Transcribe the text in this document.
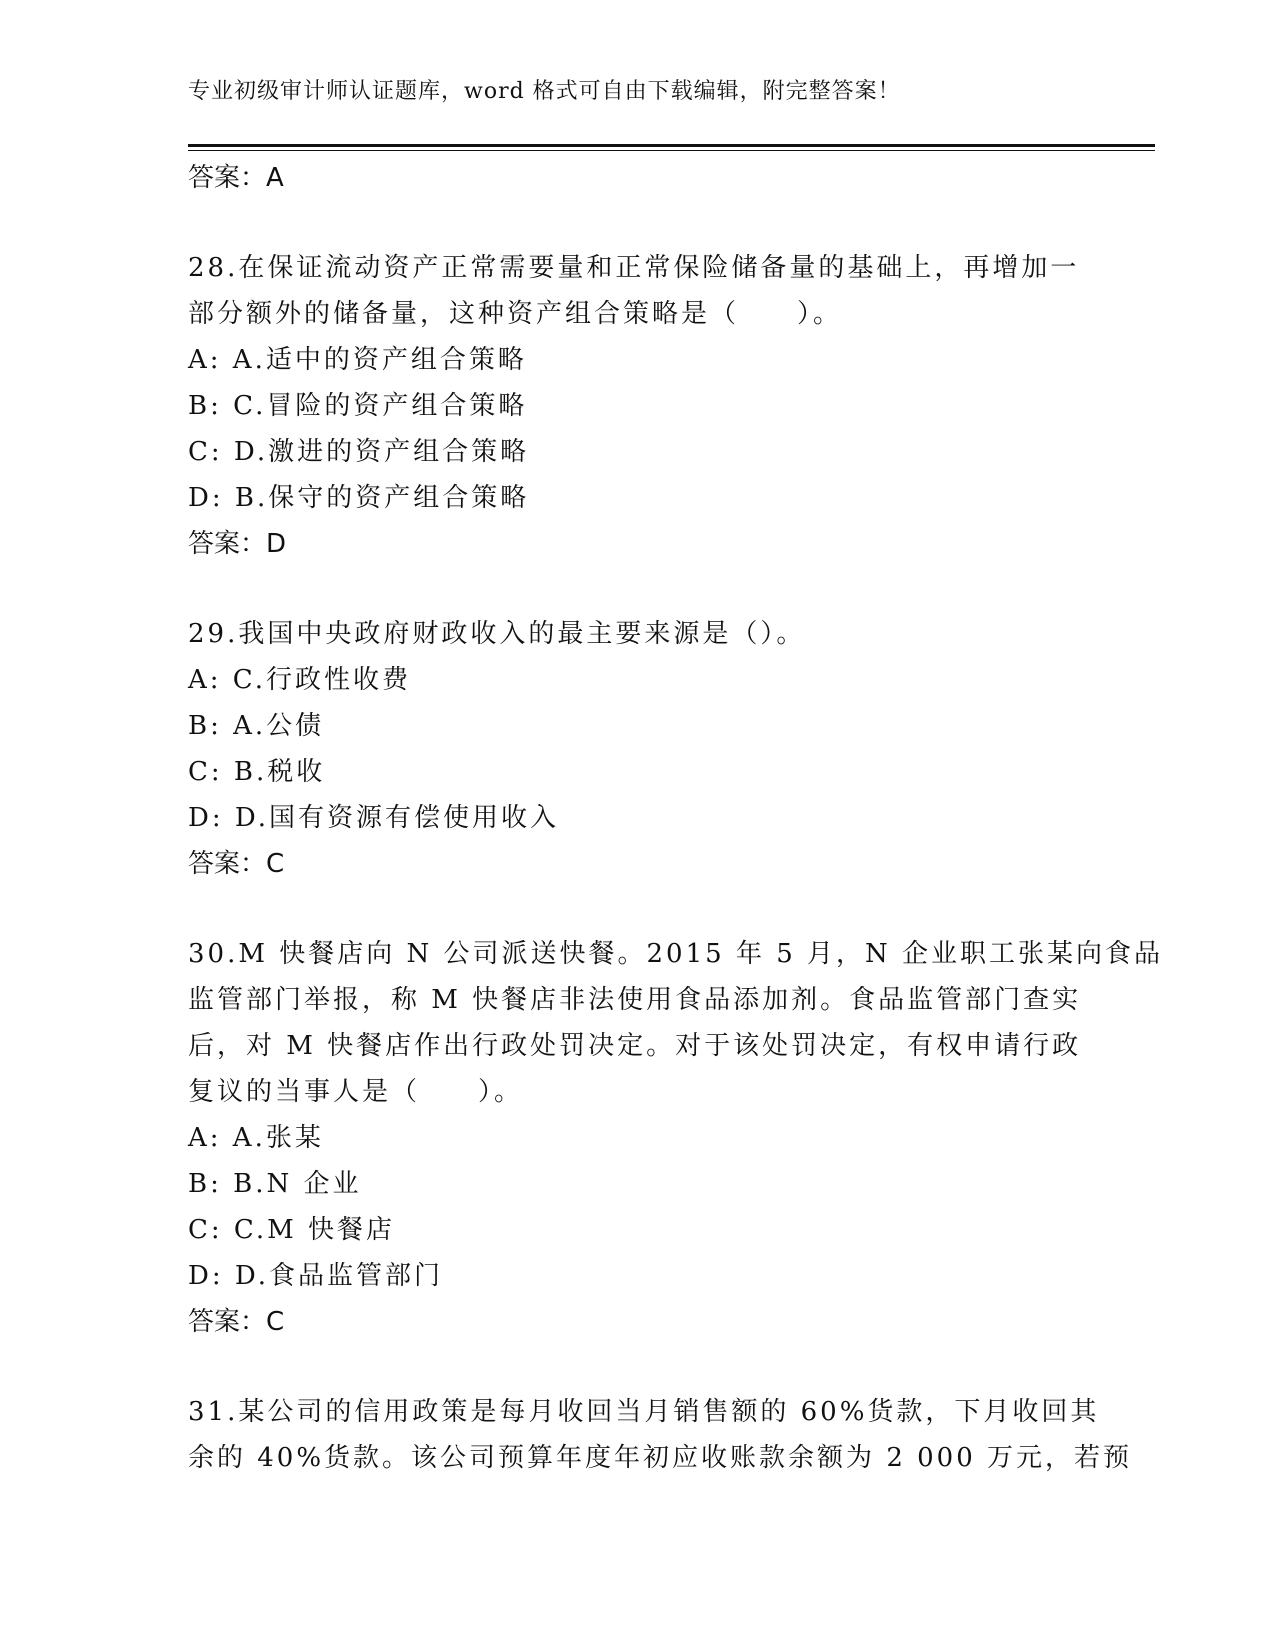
专业初级审计师认证题库，word 格式可自由下载编辑，附完整答案！
答案：A
28.在保证流动资产正常需要量和正常保险储备量的基础上，再增加一
部分额外的储备量，这种资产组合策略是（　　）。
A: A.适中的资产组合策略
B: C.冒险的资产组合策略
C: D.激进的资产组合策略
D: B.保守的资产组合策略
答案：D
29.我国中央政府财政收入的最主要来源是（）。
A: C.行政性收费
B: A.公债
C: B.税收
D: D.国有资源有偿使用收入
答案：C
30.M 快餐店向 N 公司派送快餐。2015 年 5 月，N 企业职工张某向食品
监管部门举报，称 M 快餐店非法使用食品添加剂。食品监管部门查实
后，对 M 快餐店作出行政处罚决定。对于该处罚决定，有权申请行政
复议的当事人是（　　）。
A: A.张某
B: B.N 企业
C: C.M 快餐店
D: D.食品监管部门
答案：C
31.某公司的信用政策是每月收回当月销售额的 60%货款，下月收回其
余的 40%货款。该公司预算年度年初应收账款余额为 2 000 万元，若预
